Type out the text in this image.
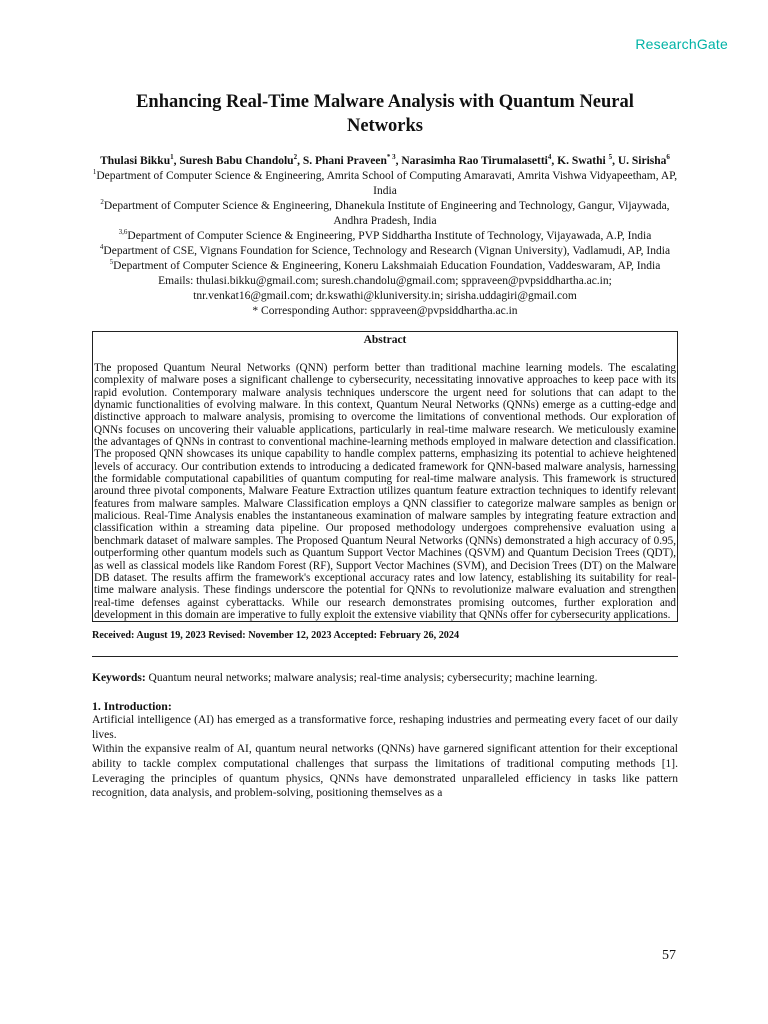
ResearchGate
Enhancing Real-Time Malware Analysis with Quantum Neural Networks
Thulasi Bikku$^1$, Suresh Babu Chandolu$^2$, S. Phani Praveen$^{* 3}$, Narasimha Rao Tirumalasetti$^4$, K. Swathi $^5$, U. Sirisha$^6$
$^1$Department of Computer Science & Engineering, Amrita School of Computing Amaravati, Amrita Vishwa Vidyapeetham, AP, India
$^2$Department of Computer Science & Engineering, Dhanekula Institute of Engineering and Technology, Gangur, Vijaywada, Andhra Pradesh, India
$^{3,6}$Department of Computer Science & Engineering, PVP Siddhartha Institute of Technology, Vijayawada, A.P, India
$^4$Department of CSE, Vignans Foundation for Science, Technology and Research (Vignan University), Vadlamudi, AP, India
$^5$Department of Computer Science & Engineering, Koneru Lakshmaiah Education Foundation, Vaddeswaram, AP, India
Emails: thulasi.bikku@gmail.com; suresh.chandolu@gmail.com; sppraveen@pvpsiddhartha.ac.in;
tnr.venkat16@gmail.com; dr.kswathi@kluniversity.in; sirisha.uddagiri@gmail.com
* Corresponding Author: sppraveen@pvpsiddhartha.ac.in
Abstract
The proposed Quantum Neural Networks (QNN) perform better than traditional machine learning models. The escalating complexity of malware poses a significant challenge to cybersecurity, necessitating innovative approaches to keep pace with its rapid evolution. Contemporary malware analysis techniques underscore the urgent need for solutions that can adapt to the dynamic functionalities of evolving malware. In this context, Quantum Neural Networks (QNNs) emerge as a cutting-edge and distinctive approach to malware analysis, promising to overcome the limitations of conventional methods. Our exploration of QNNs focuses on uncovering their valuable applications, particularly in real-time malware research. We meticulously examine the advantages of QNNs in contrast to conventional machine-learning methods employed in malware detection and classification. The proposed QNN showcases its unique capability to handle complex patterns, emphasizing its potential to achieve heightened levels of accuracy. Our contribution extends to introducing a dedicated framework for QNN-based malware analysis, harnessing the formidable computational capabilities of quantum computing for real-time malware analysis. This framework is structured around three pivotal components, Malware Feature Extraction utilizes quantum feature extraction techniques to identify relevant features from malware samples. Malware Classification employs a QNN classifier to categorize malware samples as benign or malicious. Real-Time Analysis enables the instantaneous examination of malware samples by integrating feature extraction and classification within a streaming data pipeline. Our proposed methodology undergoes comprehensive evaluation using a benchmark dataset of malware samples. The Proposed Quantum Neural Networks (QNNs) demonstrated a high accuracy of 0.95, outperforming other quantum models such as Quantum Support Vector Machines (QSVM) and Quantum Decision Trees (QDT), as well as classical models like Random Forest (RF), Support Vector Machines (SVM), and Decision Trees (DT) on the Malware DB dataset. The results affirm the framework's exceptional accuracy rates and low latency, establishing its suitability for real-time malware analysis. These findings underscore the potential for QNNs to revolutionize malware evaluation and strengthen real-time defenses against cyberattacks. While our research demonstrates promising outcomes, further exploration and development in this domain are imperative to fully exploit the extensive viability that QNNs offer for cybersecurity applications.
Received: August 19, 2023 Revised: November 12, 2023 Accepted: February 26, 2024
Keywords: Quantum neural networks; malware analysis; real-time analysis; cybersecurity; machine learning.
1. Introduction:
Artificial intelligence (AI) has emerged as a transformative force, reshaping industries and permeating every facet of our daily lives.
Within the expansive realm of AI, quantum neural networks (QNNs) have garnered significant attention for their exceptional ability to tackle complex computational challenges that surpass the limitations of traditional computing methods [1]. Leveraging the principles of quantum physics, QNNs have demonstrated unparalleled efficiency in tasks like pattern recognition, data analysis, and problem-solving, positioning themselves as a
57
